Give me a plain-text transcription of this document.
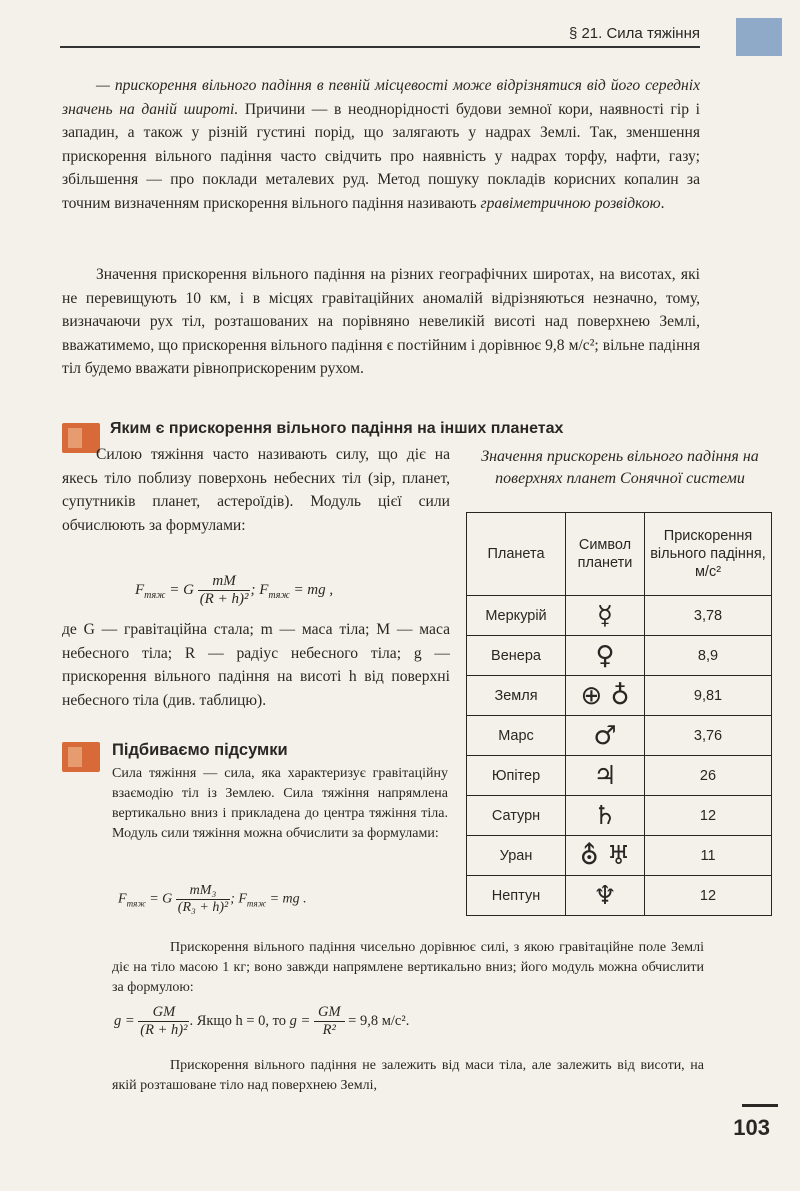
§ 21. Сила тяжіння
— прискорення вільного падіння в певній місцевості може відрізнятися від його середніх значень на даній широті. Причини — в неоднорідності будови земної кори, наявності гір і западин, а також у різній густині порід, що залягають у надрах Землі. Так, зменшення прискорення вільного падіння часто свідчить про наявність у надрах торфу, нафти, газу; збільшення — про поклади металевих руд. Метод пошуку покладів корисних копалин за точним визначенням прискорення вільного падіння називають гравіметричною розвідкою.
Значення прискорення вільного падіння на різних географічних широтах, на висотах, які не перевищують 10 км, і в місцях гравітаційних аномалій відрізняються незначно, тому, визначаючи рух тіл, розташованих на порівняно невеликій висоті над поверхнею Землі, вважатимемо, що прискорення вільного падіння є постійним і дорівнює 9,8 м/с²; вільне падіння тіл будемо вважати рівноприскореним рухом.
Яким є прискорення вільного падіння на інших планетах
Силою тяжіння часто називають силу, що діє на якесь тіло поблизу поверхонь небесних тіл (зір, планет, супутників планет, астероїдів). Модуль цієї сили обчислюють за формулами:
$F_{тяж} = G \frac{mM}{\text{(R + h)²}}$ ; $F_{тяж}$ = mg ,
де G — гравітаційна стала; m — маса тіла; M — маса небесного тіла; R — радіус небесного тіла; g — прискорення вільного падіння на висоті h від поверхні небесного тіла (див. таблицю).
Значення прискорень вільного падіння на поверхнях планет Сонячної системи
Планета	Символ планети	Прискорення вільного падіння, м/с²
Меркурій	☿	3,78
Венера	♀	8,9
Земля	⊕ ♁	9,81
Марс	♂	3,76
Юпітер	♃	26
Сатурн	♄	12
Уран	⛢ ♅	11
Нептун	♆	12
Підбиваємо підсумки
Сила тяжіння — сила, яка характеризує гравітаційну взаємодію тіл із Землею. Сила тяжіння напрямлена вертикально вниз і прикладена до центра тяжіння тіла. Модуль сили тяжіння можна обчислити за формулами:
$F_{тяж} = G \frac{\text{mM₃}}{\text{(R₃ + h)²}}$ ; $F_{тяж}$ = mg .
Прискорення вільного падіння чисельно дорівнює силі, з якою гравітаційне поле Землі діє на тіло масою 1 кг; воно завжди напрямлене вертикально вниз; його модуль можна обчислити за формулою:
$g = \frac{GM}{\text{(R + h)²}}$ . Якщо h = 0, то $g = \frac{GM}{\text{R²}} = 9,8$ м/с².
Прискорення вільного падіння не залежить від маси тіла, але залежить від висоти, на якій розташоване тіло над поверхнею Землі,
103
